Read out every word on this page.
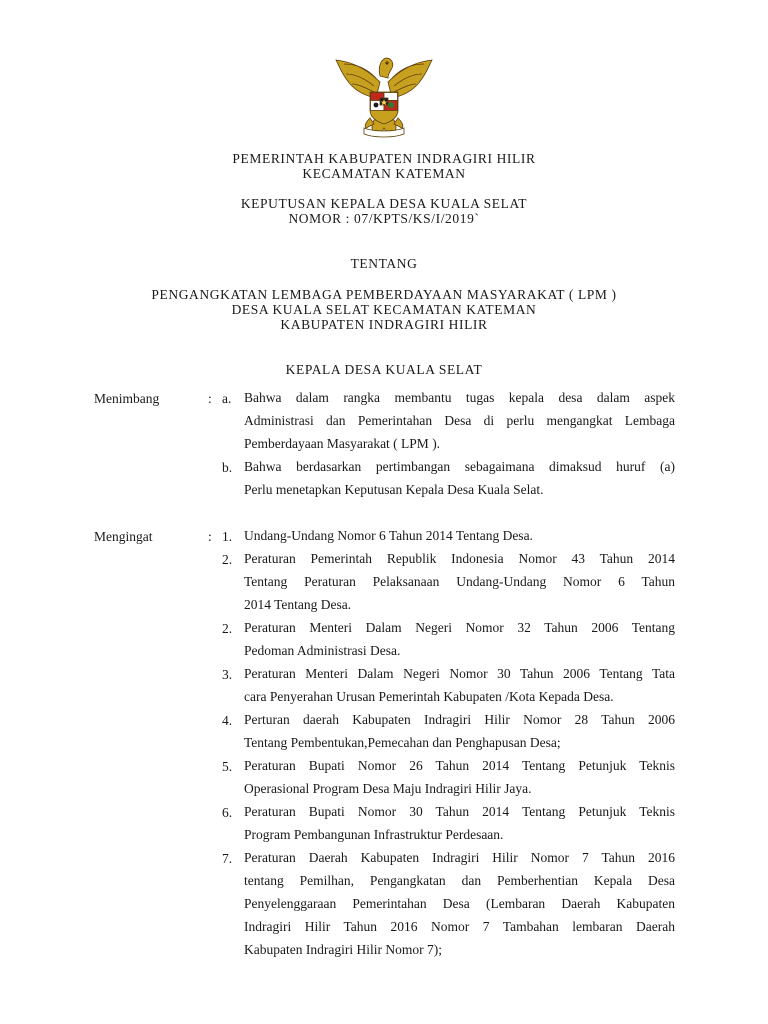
PEMERINTAH KABUPATEN INDRAGIRI HILIR
KECAMATAN KATEMAN
KEPUTUSAN KEPALA DESA KUALA SELAT
NOMOR : 07/KPTS/KS/I/2019`
TENTANG
PENGANGKATAN LEMBAGA PEMBERDAYAAN MASYARAKAT ( LPM )
DESA KUALA SELAT KECAMATAN KATEMAN
KABUPATEN INDRAGIRI HILIR
KEPALA DESA KUALA SELAT
Menimbang	: a. Bahwa dalam rangka membantu tugas kepala desa dalam aspek
Administrasi dan Pemerintahan Desa di perlu mengangkat Lembaga
Pemberdayaan Masyarakat ( LPM ).
b. Bahwa berdasarkan pertimbangan sebagaimana dimaksud huruf (a)
Perlu menetapkan Keputusan Kepala Desa Kuala Selat.
Mengingat	: 1. Undang-Undang Nomor 6 Tahun 2014 Tentang Desa.
2. Peraturan Pemerintah Republik Indonesia Nomor 43 Tahun 2014
Tentang Peraturan Pelaksanaan Undang-Undang Nomor 6 Tahun
2014 Tentang Desa.
2. Peraturan Menteri Dalam Negeri Nomor 32 Tahun 2006 Tentang
Pedoman Administrasi Desa.
3. Peraturan Menteri Dalam Negeri Nomor 30 Tahun 2006 Tentang Tata
cara Penyerahan Urusan Pemerintah Kabupaten /Kota Kepada Desa.
4. Perturan daerah Kabupaten Indragiri Hilir Nomor 28 Tahun 2006
Tentang Pembentukan,Pemecahan dan Penghapusan Desa;
5. Peraturan Bupati Nomor 26 Tahun 2014 Tentang Petunjuk Teknis
Operasional Program Desa Maju Indragiri Hilir Jaya.
6. Peraturan Bupati Nomor 30 Tahun 2014 Tentang Petunjuk Teknis
Program Pembangunan Infrastruktur Perdesaan.
7. Peraturan Daerah Kabupaten Indragiri Hilir Nomor 7 Tahun 2016
tentang Pemilhan, Pengangkatan dan Pemberhentian Kepala Desa
Penyelenggaraan Pemerintahan Desa (Lembaran Daerah Kabupaten
Indragiri Hilir Tahun 2016 Nomor 7 Tambahan lembaran Daerah
Kabupaten Indragiri Hilir Nomor 7);
